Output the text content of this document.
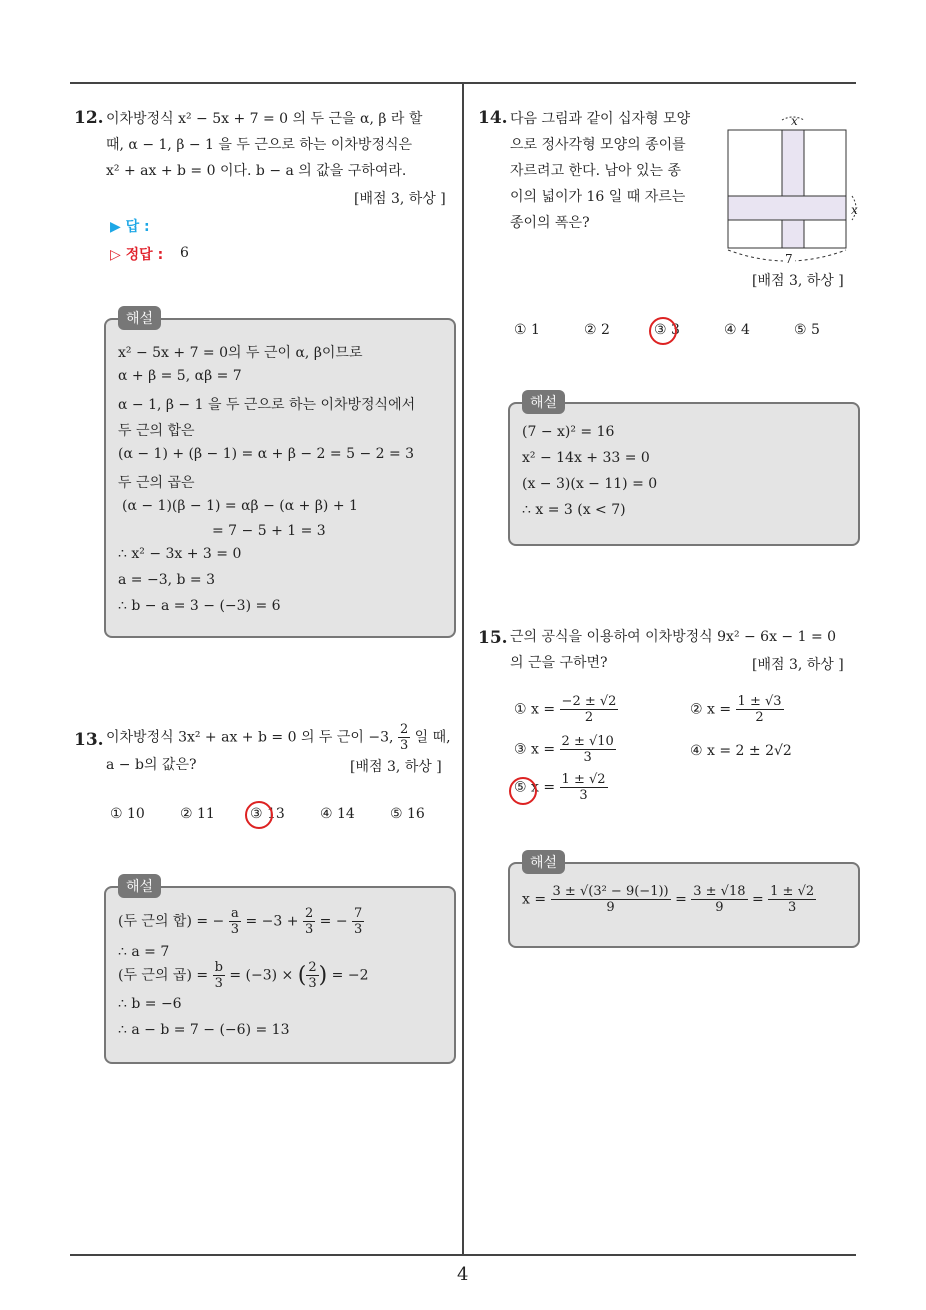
12. 이차방정식 x² − 5x + 7 = 0 의 두 근을 α, β 라 할
때, α − 1, β − 1 을 두 근으로 하는 이차방정식은
x² + ax + b = 0 이다. b − a 의 값을 구하여라.
[배점 3, 하상 ]
▶ 답 :
▷ 정답 : 6
해설
x² − 5x + 7 = 0의 두 근이 α, β이므로
α + β = 5, αβ = 7
α − 1, β − 1 을 두 근으로 하는 이차방정식에서
두 근의 합은
(α − 1) + (β − 1) = α + β − 2 = 5 − 2 = 3
두 근의 곱은
(α − 1)(β − 1) = αβ − (α + β) + 1
= 7 − 5 + 1 = 3
∴ x² − 3x + 3 = 0
a = −3, b = 3
∴ b − a = 3 − (−3) = 6
13. 이차방정식 3x² + ax + b = 0 의 두 근이 −3, $\frac{2}{3}$ 일 때,
a − b의 값은?	[배점 3, 하상 ]
① 10	② 11	③ 13	④ 14	⑤ 16
해설
(두 근의 합) = − $\frac{a}{3} = -3 + \frac{2}{3}$ = − $\frac{7}{3}$
∴ a = 7
(두 근의 곱) = $\frac{b}{3} = (-3)$ × ( $\frac{2}{3}$ ) = −2
∴ b = −6
∴ a − b = 7 − (−6) = 13
14. 다음 그림과 같이 십자형 모양
으로 정사각형 모양의 종이를
자르려고 한다. 남아 있는 종
이의 넓이가 16 일 때 자르는
종이의 폭은?
x
x
7
[배점 3, 하상 ]
① 1	② 2	③ 3	④ 4	⑤ 5
해설
(7 − x)² = 16
x² − 14x + 33 = 0
(x − 3)(x − 11) = 0
∴ x = 3 (x < 7)
15. 근의 공식을 이용하여 이차방정식 9x² − 6x − 1 = 0
의 근을 구하면?	[배점 3, 하상 ]
① $x = \frac{-2 \pm √2}{2}$	② $x = \frac{1 \pm √3}{2}$
③ $x = \frac{2 \pm √10}{3}$	④ x = 2 ± 2√2
⑤ $x = \frac{1 \pm √2}{3}$
해설
$x = \frac{\text{3 ± √(3² − 9(−1))}}{9} = \frac{3 \pm √18}{9} = \frac{1 \pm √2}{3}$
4
